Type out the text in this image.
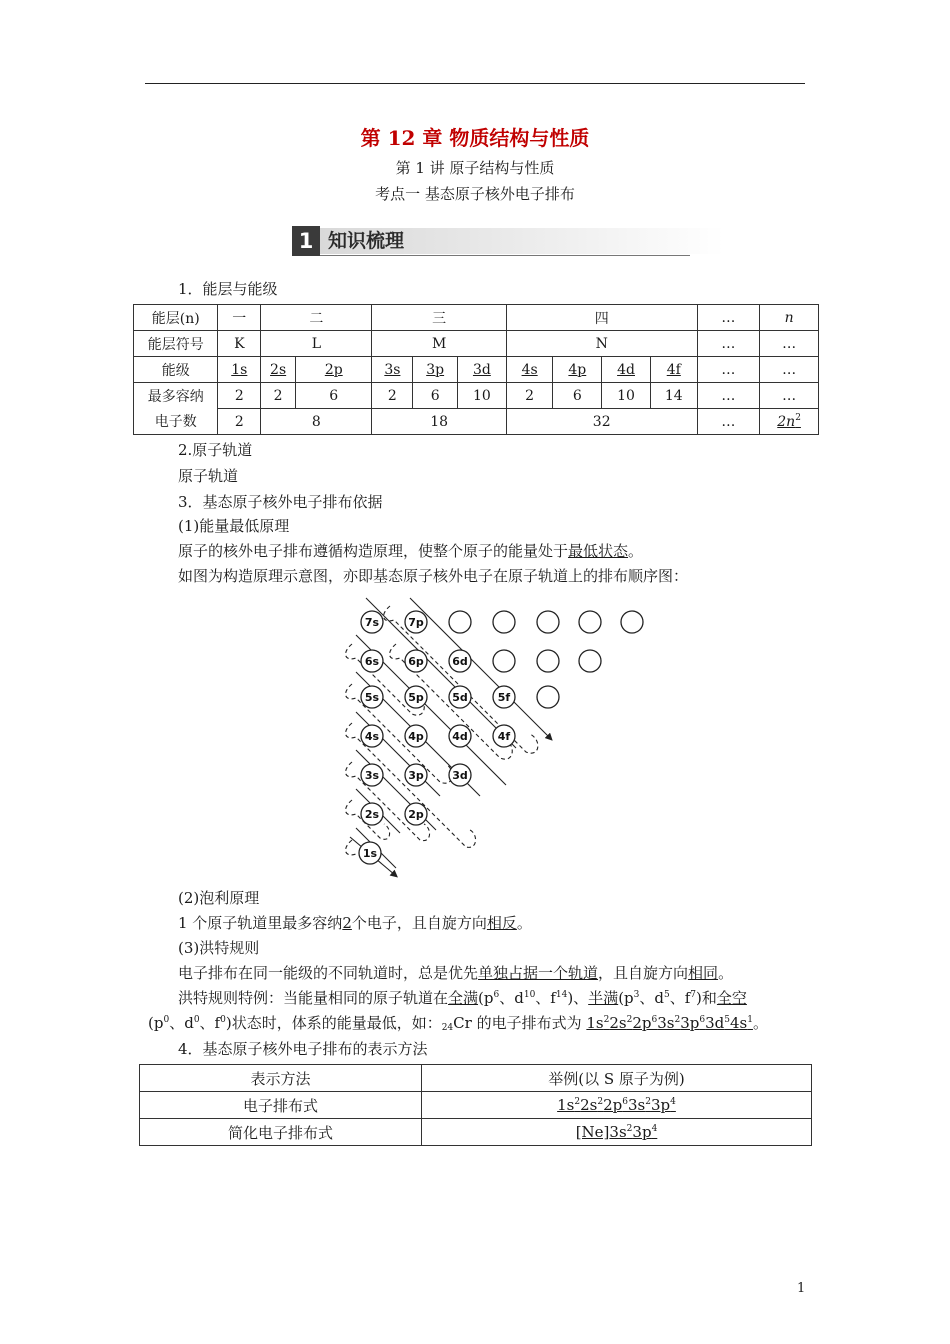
第 12 章 物质结构与性质
第 1 讲 原子结构与性质
考点一 基态原子核外电子排布
1 知识梳理
1．能层与能级
能层(n)	一	二		三			四				…	n
能层符号	K	L		M			N				…	…
能级	1s	2s	2p	3s	3p	3d	4s	4p	4d	4f	…	…
最多容纳	2	2	6	2	6	10	2	6	10	14	…	…
电子数	2	8		18			32				…	$2n^2$
2.原子轨道
原子轨道
3．基态原子核外电子排布依据
(1)能量最低原理
原子的核外电子排布遵循构造原理，使整个原子的能量处于最低状态。
如图为构造原理示意图，亦即基态原子核外电子在原子轨道上的排布顺序图：
7s	7p
6s	6p	6d
5s	5p	5d	5f
4s	4p	4d	4f
3s	3p	3d
2s	2p
1s
(2)泡利原理
1 个原子轨道里最多容纳2个电子，且自旋方向相反。
(3)洪特规则
电子排布在同一能级的不同轨道时，总是优先单独占据一个轨道，且自旋方向相同。
洪特规则特例：当能量相同的原子轨道在全满($p^6$、$d^{10}$、$f^{14}$)、半满($p^3$、$d^5$、$f^7$)和全空
($p^0$、$d^0$、$f^0$)状态时，体系的能量最低，如：$_{24}$Cr 的电子排布式为 $1s^22s^22p^63s^23p^63d^54s^1$。
4．基态原子核外电子排布的表示方法
表示方法	举例(以 S 原子为例)
电子排布式	$1s^22s^22p^63s^23p^4$
简化电子排布式	$[Ne]3s^23p^4$
1
